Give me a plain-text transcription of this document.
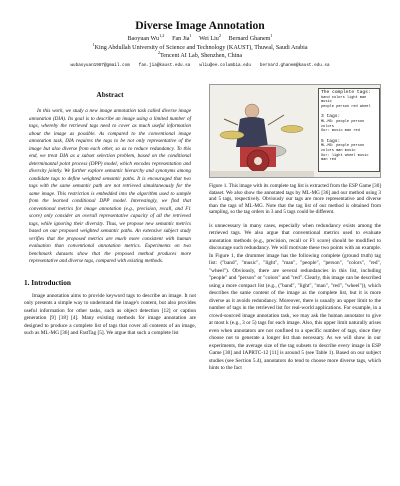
Diverse Image Annotation
Baoyuan Wu$^{1,2}$     Fan Jia$^1$     Wei Liu$^2$     Bernard Ghanem$^1$
$^1$King Abdullah University of Science and Technology (KAUST), Thuwal, Saudi Arabia
$^2$Tencent AI Lab, Shenzhen, China
wubaoyuan1987@gmail.com fan.jia@kaust.edu.sa wliu@ee.columbia.edu bernard.ghanem@kaust.edu.sa
Abstract

In this work, we study a new image annotation task called diverse image annotation (DIA). Its goal is to describe an image using a limited number of tags, whereby the retrieved tags need to cover as much useful information about the image as possible. As compared to the conventional image annotation task, DIA requires the tags to be not only representative of the image but also diverse from each other, so as to reduce redundancy. To this end, we treat DIA as a subset selection problem, based on the conditional determinantal point process (DPP) model, which encodes representation and diversity jointly. We further explore semantic hierarchy and synonyms among candidate tags to define weighted semantic paths. It is encouraged that two tags with the same semantic path are not retrieved simultaneously for the same image. This restriction is embedded into the algorithm used to sample from the learned conditional DPP model. Interestingly, we find that conventional metrics for image annotation (e.g., precision, recall, and F1 score) only consider an overall representative capacity of all the retrieved tags, while ignoring their diversity. Thus, we propose new semantic metrics based on our proposed weighted semantic paths. An extensive subject study verifies that the proposed metrics are much more consistent with human evaluation than conventional annotation metrics. Experiments on two benchmark datasets show that the proposed method produces more representative and diverse tags, compared with existing methods.

1. Introduction

Image annotation aims to provide keyword tags to describe an image. It not only presents a simple way to understand the image's content, but also provides useful information for other tasks, such as object detection [12] or caption generation [9] [18] [4]. Many existing methods for image annotation are designed to produce a complete list of tags that cover all contents of an image, such as ML-MG [36] and FastTag [5]. We argue that such a complete list

The complete tags:
band colors light man music
people person red wheel
3 tags:
ML-MG: people person colors
Our: music man red
5 tags:
ML-MG: people person colors man music
Our: light wheel music man red

Figure 1. This image with its complete tag list is extracted from the ESP Game [30] dataset. We also show the annotated tags by ML-MG [36] and our method using 3 and 5 tags, respectively. Obviously our tags are more representative and diverse than the tags of ML-MG. Note that the tag list of our method is obtained from sampling, so the tag orders in 3 and 5 tags could be different.

is unnecessary in many cases, especially when redundancy exists among the retrieved tags. We also argue that conventional metrics used to evaluate annotation methods (e.g., precision, recall or F1 score) should be modified to discourage such redundancy. We will motivate these two points with an example. In Figure 1, the drummer image has the following complete (ground truth) tag list: ("band", "music", "light", "man", "people", "person", "colors", "red", "wheel"). Obviously, there are several redundancies in this list, including "people" and "person" or "colors" and "red". Clearly, this image can be described using a more compact list (e.g., ("band", "light", "man", "red", "wheel")), which describes the same content of the image as the complete list, but it is more diverse as it avoids redundancy. Moreover, there is usually an upper limit to the number of tags in the retrieved list for real-world applications. For example, in a crowd-sourced image annotation task, we may ask the human annotator to give at most k (e.g., 3 or 5) tags for each image. Also, this upper limit naturally arises even when annotators are not confined to a specific number of tags, since they choose not to generate a longer list than necessary. As we will show in our experiments, the average size of the tag subsets to describe every image in ESP Game [30] and IAPRTC-12 [11] is around 5 (see Table 1). Based on our subject studies (see Section 5.4), annotators do tend to choose more diverse tags, which hints to the fact
